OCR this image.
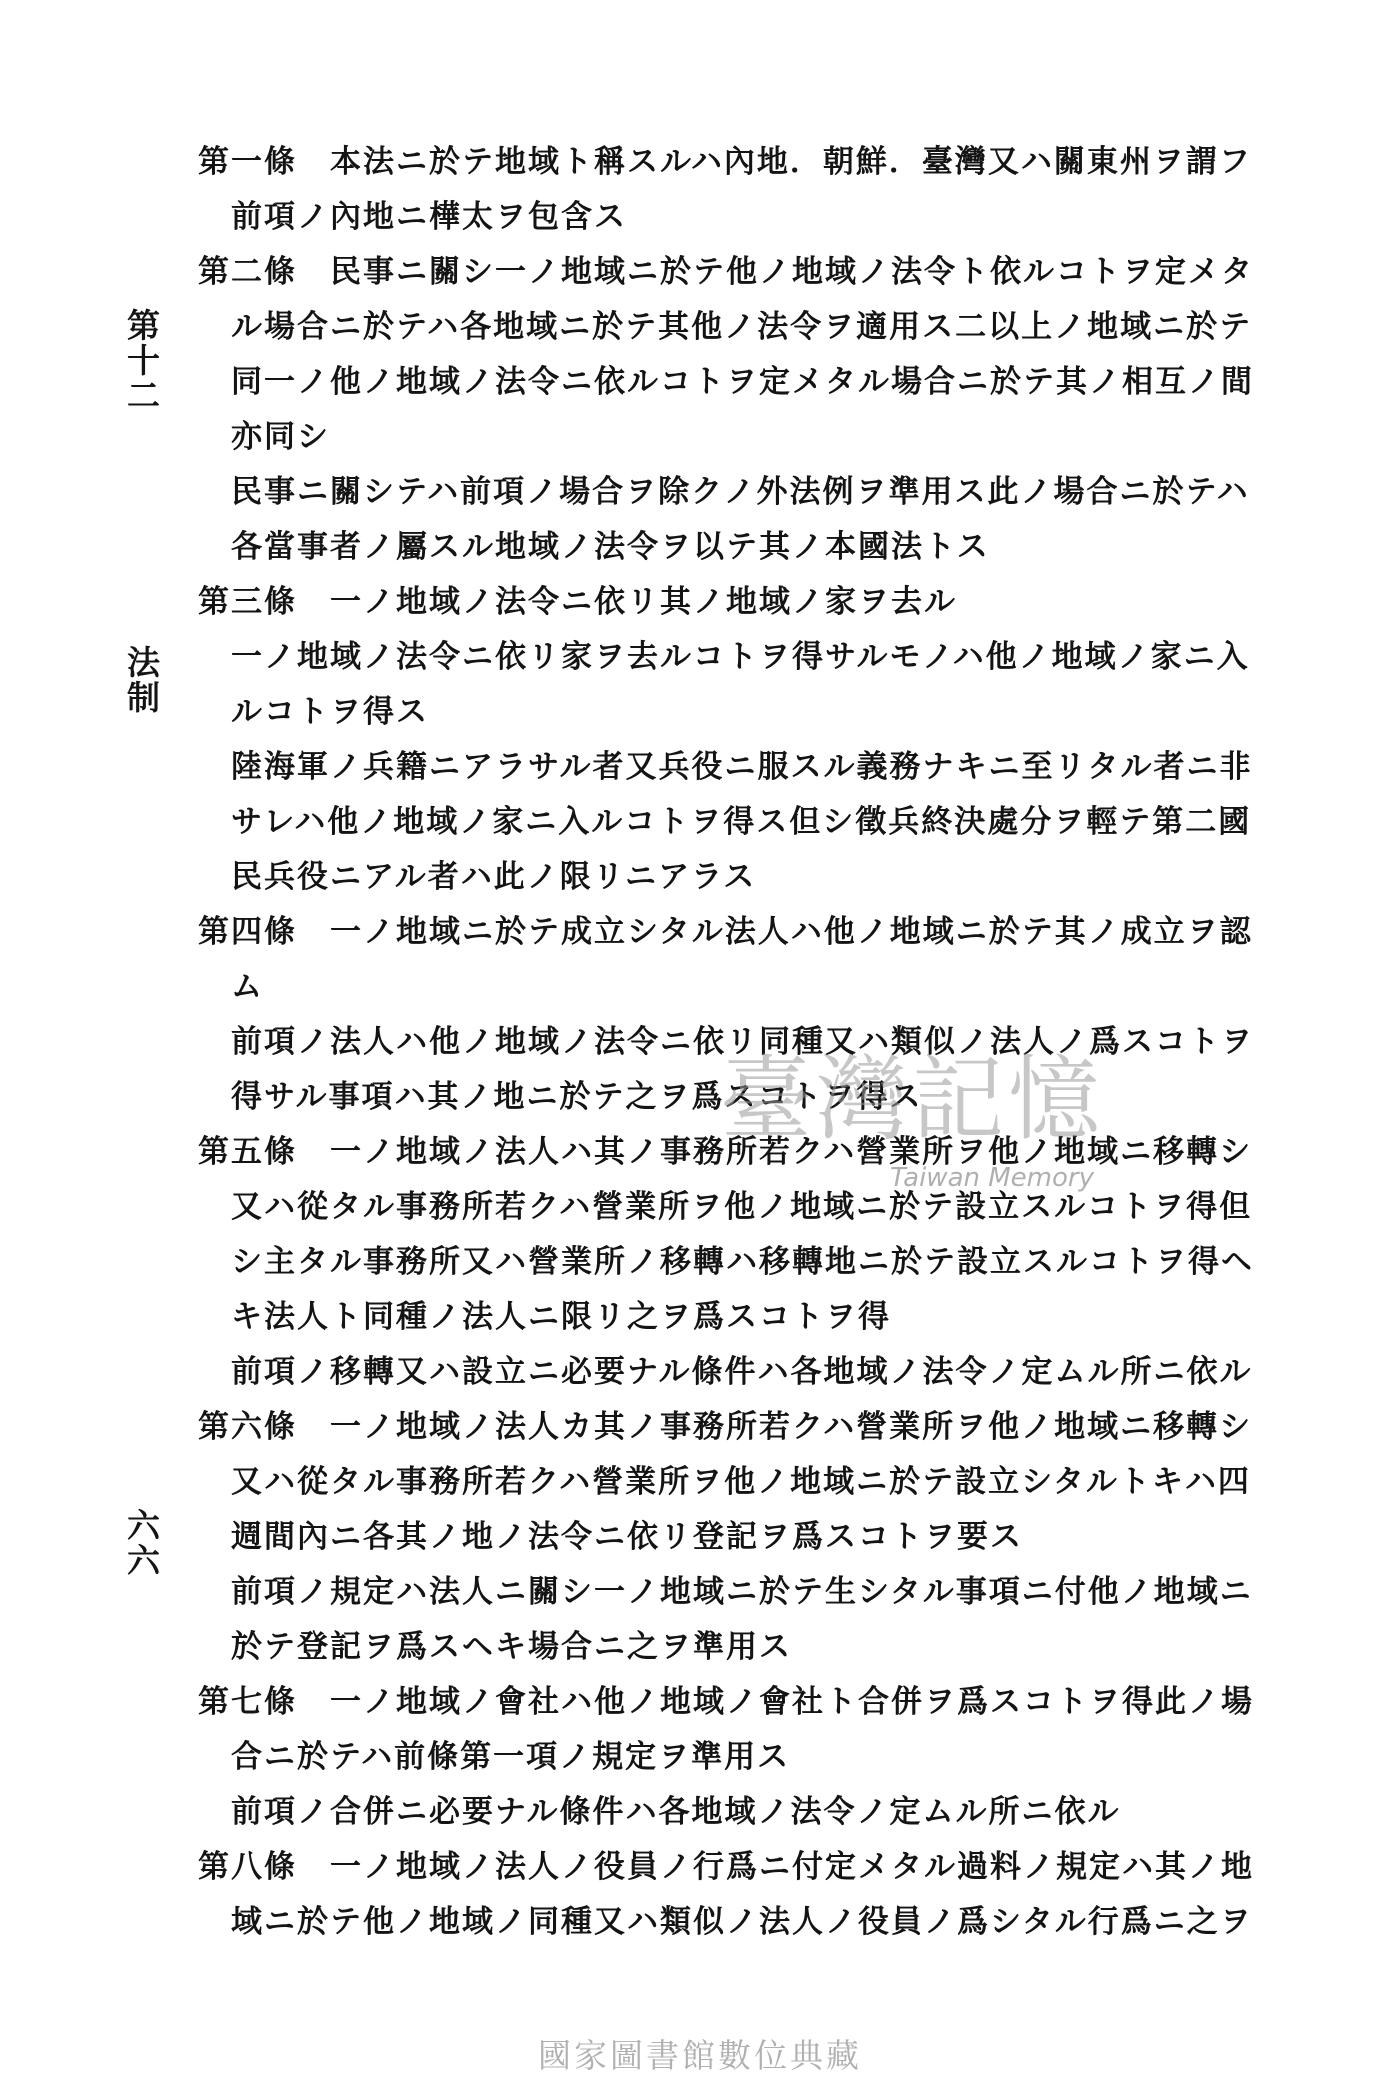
第十二
法制
六六
第一條　本法ニ於テ地域ト稱スルハ內地．朝鮮．臺灣又ハ關東州ヲ謂フ
前項ノ內地ニ樺太ヲ包含ス
第二條　民事ニ關シ一ノ地域ニ於テ他ノ地域ノ法令ト依ルコトヲ定メタ
ル場合ニ於テハ各地域ニ於テ其他ノ法令ヲ適用ス二以上ノ地域ニ於テ
同一ノ他ノ地域ノ法令ニ依ルコトヲ定メタル場合ニ於テ其ノ相互ノ間
亦同シ
民事ニ關シテハ前項ノ場合ヲ除クノ外法例ヲ準用ス此ノ場合ニ於テハ
各當事者ノ屬スル地域ノ法令ヲ以テ其ノ本國法トス
第三條　一ノ地域ノ法令ニ依リ其ノ地域ノ家ヲ去ル
一ノ地域ノ法令ニ依リ家ヲ去ルコトヲ得サルモノハ他ノ地域ノ家ニ入
ルコトヲ得ス
陸海軍ノ兵籍ニアラサル者又兵役ニ服スル義務ナキニ至リタル者ニ非
サレハ他ノ地域ノ家ニ入ルコトヲ得ス但シ徵兵終決處分ヲ輕テ第二國
民兵役ニアル者ハ此ノ限リニアラス
第四條　一ノ地域ニ於テ成立シタル法人ハ他ノ地域ニ於テ其ノ成立ヲ認
ム
前項ノ法人ハ他ノ地域ノ法令ニ依リ同種又ハ類似ノ法人ノ爲スコトヲ
得サル事項ハ其ノ地ニ於テ之ヲ爲スコトヲ得ス
第五條　一ノ地域ノ法人ハ其ノ事務所若クハ營業所ヲ他ノ地域ニ移轉シ
又ハ從タル事務所若クハ營業所ヲ他ノ地域ニ於テ設立スルコトヲ得但
シ主タル事務所又ハ營業所ノ移轉ハ移轉地ニ於テ設立スルコトヲ得ヘ
キ法人ト同種ノ法人ニ限リ之ヲ爲スコトヲ得
前項ノ移轉又ハ設立ニ必要ナル條件ハ各地域ノ法令ノ定ムル所ニ依ル
第六條　一ノ地域ノ法人カ其ノ事務所若クハ營業所ヲ他ノ地域ニ移轉シ
又ハ從タル事務所若クハ營業所ヲ他ノ地域ニ於テ設立シタルトキハ四
週間內ニ各其ノ地ノ法令ニ依リ登記ヲ爲スコトヲ要ス
前項ノ規定ハ法人ニ關シ一ノ地域ニ於テ生シタル事項ニ付他ノ地域ニ
於テ登記ヲ爲スヘキ場合ニ之ヲ準用ス
第七條　一ノ地域ノ會社ハ他ノ地域ノ會社ト合併ヲ爲スコトヲ得此ノ場
合ニ於テハ前條第一項ノ規定ヲ準用ス
前項ノ合併ニ必要ナル條件ハ各地域ノ法令ノ定ムル所ニ依ル
第八條　一ノ地域ノ法人ノ役員ノ行爲ニ付定メタル過料ノ規定ハ其ノ地
域ニ於テ他ノ地域ノ同種又ハ類似ノ法人ノ役員ノ爲シタル行爲ニ之ヲ
臺灣記憶
Taiwan Memory
國家圖書館數位典藏
